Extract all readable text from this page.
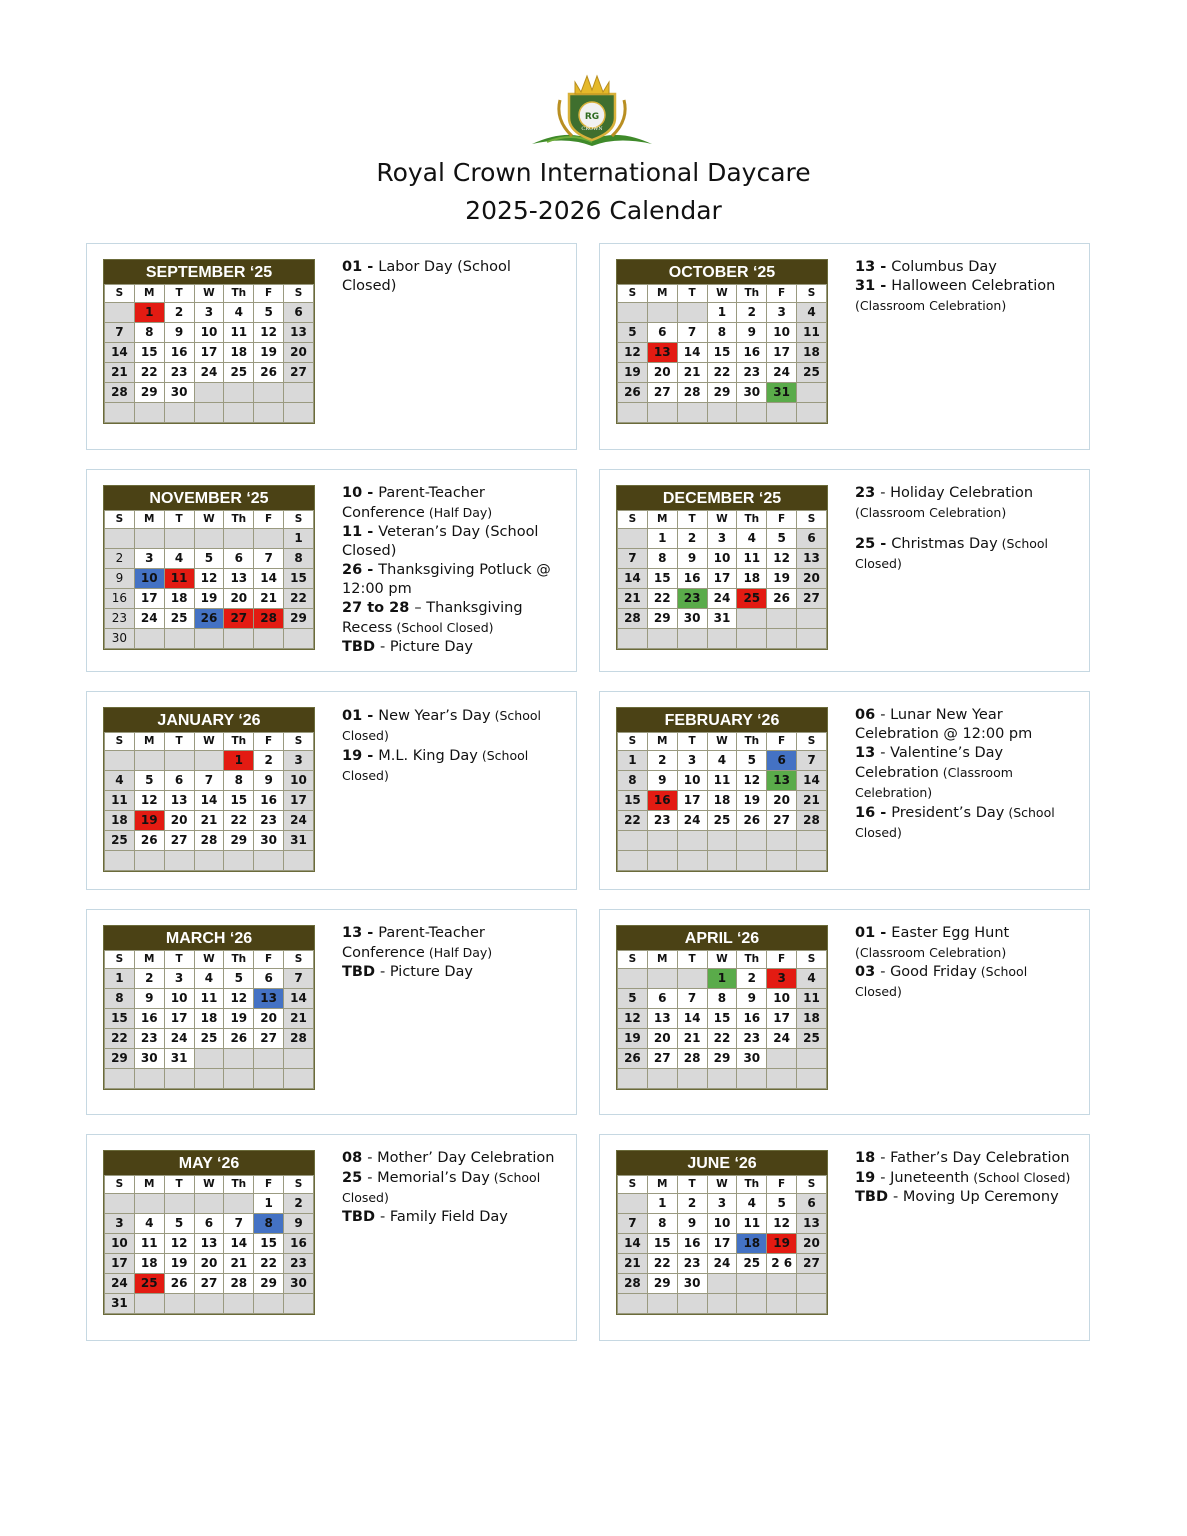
RG
CROWN
Royal Crown International Daycare
2025-2026 Calendar
SEPTEMBER ‘25
S	M	T	W	Th	F	S
	1	2	3	4	5	6
7	8	9	10	11	12	13
14	15	16	17	18	19	20
21	22	23	24	25	26	27
28	29	30				

01 - Labor Day (School Closed)
OCTOBER ‘25
S	M	T	W	Th	F	S
			1	2	3	4
5	6	7	8	9	10	11
12	13	14	15	16	17	18
19	20	21	22	23	24	25
26	27	28	29	30	31	

13 - Columbus Day
31 - Halloween Celebration
(Classroom Celebration)
NOVEMBER ‘25
S	M	T	W	Th	F	S
						1
2	3	4	5	6	7	8
9	10	11	12	13	14	15
16	17	18	19	20	21	22
23	24	25	26	27	28	29
30						
10 - Parent-Teacher Conference (Half Day)
11 - Veteran’s Day (School Closed)
26 - Thanksgiving Potluck @ 12:00 pm
27 to 28 – Thanksgiving Recess (School Closed)
TBD - Picture Day
DECEMBER ‘25
S	M	T	W	Th	F	S
	1	2	3	4	5	6
7	8	9	10	11	12	13
14	15	16	17	18	19	20
21	22	23	24	25	26	27
28	29	30	31			

23 - Holiday Celebration
(Classroom Celebration)
25 - Christmas Day (School Closed)
JANUARY ‘26
S	M	T	W	Th	F	S
				1	2	3
4	5	6	7	8	9	10
11	12	13	14	15	16	17
18	19	20	21	22	23	24
25	26	27	28	29	30	31

01 - New Year’s Day (School Closed)
19 - M.L. King Day (School Closed)
FEBRUARY ‘26
S	M	T	W	Th	F	S
1	2	3	4	5	6	7
8	9	10	11	12	13	14
15	16	17	18	19	20	21
22	23	24	25	26	27	28

06 - Lunar New Year Celebration @ 12:00 pm
13 - Valentine’s Day Celebration (Classroom Celebration)
16 - President’s Day (School Closed)
MARCH ‘26
S	M	T	W	Th	F	S
1	2	3	4	5	6	7
8	9	10	11	12	13	14
15	16	17	18	19	20	21
22	23	24	25	26	27	28
29	30	31				

13 - Parent-Teacher Conference (Half Day)
TBD - Picture Day
APRIL ‘26
S	M	T	W	Th	F	S
			1	2	3	4
5	6	7	8	9	10	11
12	13	14	15	16	17	18
19	20	21	22	23	24	25
26	27	28	29	30		

01 - Easter Egg Hunt
(Classroom Celebration)
03 - Good Friday (School Closed)
MAY ‘26
S	M	T	W	Th	F	S
					1	2
3	4	5	6	7	8	9
10	11	12	13	14	15	16
17	18	19	20	21	22	23
24	25	26	27	28	29	30
31						
08 - Mother’ Day Celebration
25 - Memorial’s Day (School Closed)
TBD - Family Field Day
JUNE ‘26
S	M	T	W	Th	F	S
	1	2	3	4	5	6
7	8	9	10	11	12	13
14	15	16	17	18	19	20
21	22	23	24	25	2 6	27
28	29	30				

18 - Father’s Day Celebration
19 - Juneteenth (School Closed)
TBD - Moving Up Ceremony
